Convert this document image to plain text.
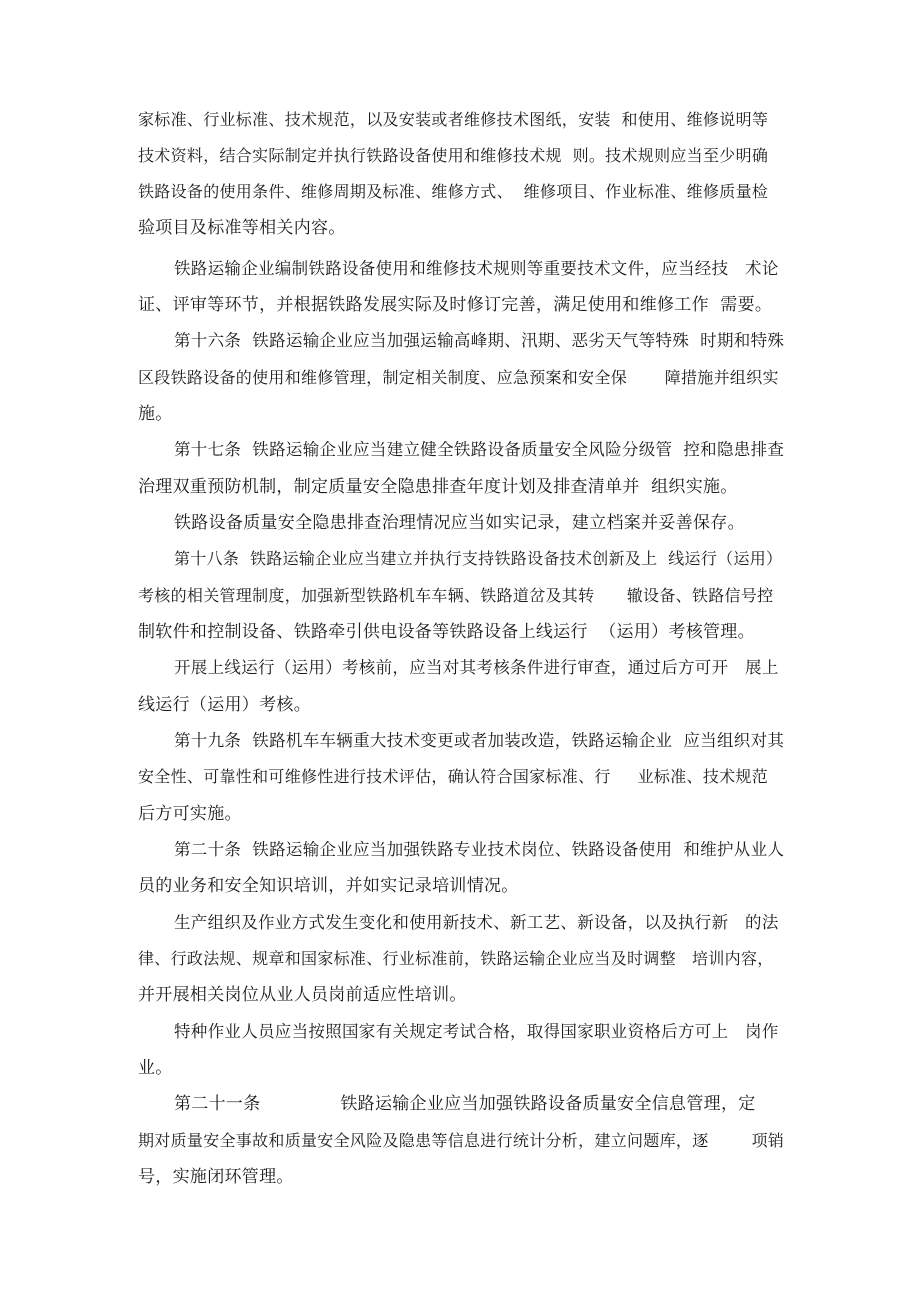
家标准、行业标准、技术规范，以及安装或者维修技术图纸，安装  和使用、维修说明等
技术资料，结合实际制定并执行铁路设备使用和维修技术规  则。技术规则应当至少明确
铁路设备的使用条件、维修周期及标准、维修方式、  维修项目、作业标准、维修质量检
验项目及标准等相关内容。
铁路运输企业编制铁路设备使用和维修技术规则等重要技术文件，应当经技   术论
证、评审等环节，并根据铁路发展实际及时修订完善，满足使用和维修工作  需要。
第十六条  铁路运输企业应当加强运输高峰期、汛期、恶劣天气等特殊  时期和特殊
区段铁路设备的使用和维修管理，制定相关制度、应急预案和安全保       障措施并组织实
施。
第十七条  铁路运输企业应当建立健全铁路设备质量安全风险分级管  控和隐患排查
治理双重预防机制，制定质量安全隐患排查年度计划及排查清单并  组织实施。
铁路设备质量安全隐患排查治理情况应当如实记录，建立档案并妥善保存。
第十八条  铁路运输企业应当建立并执行支持铁路设备技术创新及上  线运行（运用）
考核的相关管理制度，加强新型铁路机车车辆、铁路道岔及其转      辙设备、铁路信号控
制软件和控制设备、铁路牵引供电设备等铁路设备上线运行  （运用）考核管理。
开展上线运行（运用）考核前，应当对其考核条件进行审查，通过后方可开   展上
线运行（运用）考核。
第十九条  铁路机车车辆重大技术变更或者加装改造，铁路运输企业  应当组织对其
安全性、可靠性和可维修性进行技术评估，确认符合国家标准、行     业标准、技术规范
后方可实施。
第二十条  铁路运输企业应当加强铁路专业技术岗位、铁路设备使用  和维护从业人
员的业务和安全知识培训，并如实记录培训情况。
生产组织及作业方式发生变化和使用新技术、新工艺、新设备，以及执行新   的法
律、行政法规、规章和国家标准、行业标准前，铁路运输企业应当及时调整   培训内容，
并开展相关岗位从业人员岗前适应性培训。
特种作业人员应当按照国家有关规定考试合格，取得国家职业资格后方可上   岗作
业。
第二十一条              铁路运输企业应当加强铁路设备质量安全信息管理，定
期对质量安全事故和质量安全风险及隐患等信息进行统计分析，建立问题库，逐        项销
号，实施闭环管理。
